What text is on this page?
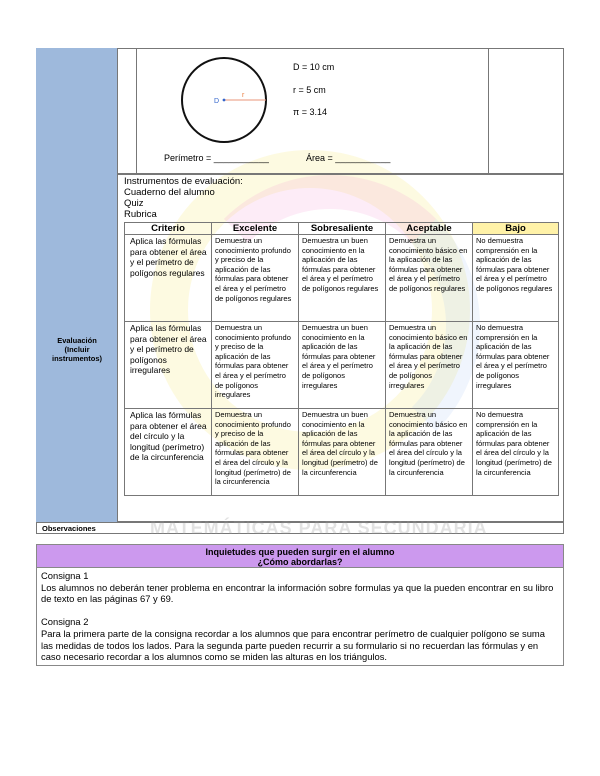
D
r
D = 10 cm
r = 5 cm
π = 3.14
Perímetro = ___________	Área = ___________
Evaluación
(Incluir
instrumentos)
Instrumentos de evaluación:
Cuaderno del alumno
Quiz
Rubrica
Criterio	Excelente	Sobresaliente	Aceptable	Bajo
Aplica las fórmulas para obtener el área y el perímetro de polígonos regulares	Demuestra un conocimiento profundo y preciso de la aplicación de las fórmulas para obtener el área y el perímetro de polígonos regulares	Demuestra un buen conocimiento en la aplicación de las fórmulas para obtener el área y el perímetro de polígonos regulares	Demuestra un conocimiento básico en la aplicación de las fórmulas para obtener el área y el perímetro de polígonos regulares	No demuestra comprensión en la aplicación de las fórmulas para obtener el área y el perímetro de polígonos regulares
Aplica las fórmulas para obtener el área y el perímetro de polígonos irregulares	Demuestra un conocimiento profundo y preciso de la aplicación de las fórmulas para obtener el área y el perímetro de polígonos irregulares	Demuestra un buen conocimiento en la aplicación de las fórmulas para obtener el área y el perímetro de polígonos irregulares	Demuestra un conocimiento básico en la aplicación de las fórmulas para obtener el área y el perímetro de polígonos irregulares	No demuestra comprensión en la aplicación de las fórmulas para obtener el área y el perímetro de polígonos irregulares
Aplica las fórmulas para obtener el área del círculo y la longitud (perímetro) de la circunferencia	Demuestra un conocimiento profundo y preciso de la aplicación de las fórmulas para obtener el área del círculo y la longitud (perímetro) de la circunferencia	Demuestra un buen conocimiento en la aplicación de las fórmulas para obtener el área del círculo y la longitud (perímetro) de la circunferencia	Demuestra un conocimiento básico en la aplicación de las fórmulas para obtener el área del círculo y la longitud (perímetro) de la circunferencia	No demuestra comprensión en la aplicación de las fórmulas para obtener el área del círculo y la longitud (perímetro) de la circunferencia
Observaciones	MATEMÁTICAS PARA SECUNDARIA
Inquietudes que pueden surgir en el alumno
¿Cómo abordarlas?

Consigna 1

Los alumnos no deberán tener problema en encontrar la información sobre formulas ya que la pueden encontrar en su libro de texto en las páginas 67 y 69.

Consigna 2

Para la primera parte de la consigna recordar a los alumnos que para encontrar perímetro de cualquier polígono se suma las medidas de todos los lados. Para la segunda parte pueden recurrir a su formulario si no recuerdan las fórmulas y en caso necesario recordar a los alumnos como se miden las alturas en los triángulos.
